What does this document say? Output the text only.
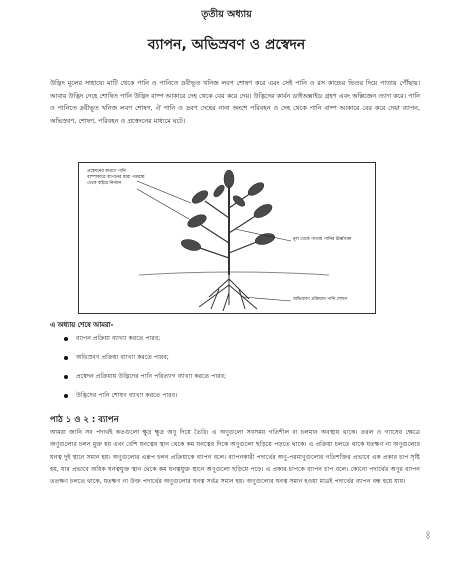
তৃতীয় অধ্যায়
ব্যাপন, অভিস্রবণ ও প্রস্বেদন
উদ্ভিদ মূলের সাহায্যে মাটি থেকে পানি ও পানিতে দ্রবীভূত খনিজ লবণ শোষণ করে এবং সেই পানি ও রস কান্ডের ভিতর দিয়ে পাতায় পৌঁছায়। আবার উদ্ভিদ দেহে শোষিত পানি উদ্ভিদ বাষ্প আকারে দেহ থেকে বের করে দেয়। উদ্ভিদের কার্বন ডাইঅক্সাইড গ্রহণ এবং অক্সিজেন ত্যাগ করে। পানি ও পানিতে দ্রবীভূত খনিজ লবণ শোষণ, ঐ পানি ও দ্রবণ দেহের নানা অংশে পরিবহন ও দেহ থেকে পানি বাষ্প আকারে বের করে দেয়া ব্যাপন, অভিস্রবণ, শোষণ, পরিবহন ও প্রস্বেদনের মাধ্যমে ঘটে।
প্রস্বেদনের কারণে পানি বাষ্পাকারে ব্যাপনের দ্বারা পত্ররন্ধ্র থেকে বাইরে নির্গমন
মূল থেকে পাতায় পানির ঊর্ধ্বগমন
অভিস্রবণ প্রক্রিয়ায় পানি শোষণ
এ অধ্যায় শেষে আমরা-
ব্যাপন প্রক্রিয়া ব্যাখ্যা করতে পারব;
অভিস্রবণ প্রক্রিয়া ব্যাখ্যা করতে পারব;
প্রস্বেদন প্রক্রিয়ায় উদ্ভিদের পানি পরিত্যাগ ব্যাখ্যা করতে পারব;
উদ্ভিদের পানি শোষণ ব্যাখ্যা করতে পারব।
পাঠ ১ ও ২ : ব্যাপন
আমরা জানি সব পদার্থই কতগুলো ক্ষুদ্র ক্ষুদ্র অণু দিয়ে তৈরি। এ অণুগুলো সবসময় গতিশীল বা চলমান অবস্থায় থাকে। তরল ও গ্যাসের ক্ষেত্রে অণুগুলোর চলন মুক্ত হয় এবং বেশি ঘনত্বের স্থান থেকে কম ঘনত্বের দিকে অণুগুলো ছড়িয়ে পড়তে থাকে। এ প্রক্রিয়া চলতে থাকে যতক্ষণ না অণুগুলোর ঘনত্ব দুই স্থানে সমান হয়। অণুগুলোর এরূপ চলন প্রক্রিয়াকে ব্যাপন বলে। ব্যাপনকারী পদার্থের অণু-পরমাণুগুলোর গতিশক্তির প্রভাবে এক প্রকার চাপ সৃষ্টি হয়, যার প্রভাবে অধিক ঘনত্বযুক্ত স্থান থেকে কম ঘনত্বযুক্ত স্থানে অণুগুলো ছড়িয়ে পড়ে। এ প্রকার চাপকে ব্যাপন চাপ বলে। কোনো পদার্থের অণুর ব্যাপন ততক্ষণ চলতে থাকে, যতক্ষণ না উক্ত পদার্থের অণুগুলোর ঘনত্ব সর্বত্র সমান হয়। অণুগুলোর ঘনত্ব সমান হওয়া মাত্রই পদার্থের ব্যাপন বন্ধ হয়ে যায়।
৩৩
